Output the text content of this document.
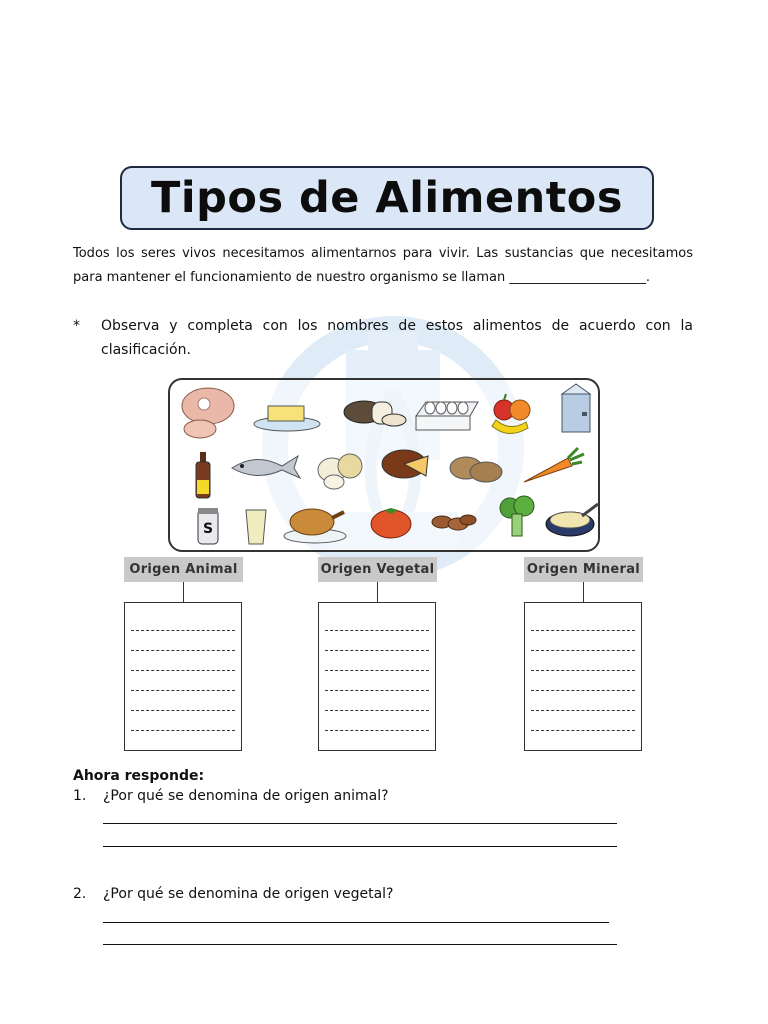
Tipos de Alimentos
Todos los seres vivos necesitamos alimentarnos para vivir. Las sustancias que necesitamos para mantener el funcionamiento de nuestro organismo se llaman _____________________.
* Observa y completa con los nombres de estos alimentos de acuerdo con la clasificación.
S
Origen Animal	Origen Vegetal	Origen Mineral
Ahora responde:
1. ¿Por qué se denomina de origen animal?
2. ¿Por qué se denomina de origen vegetal?
